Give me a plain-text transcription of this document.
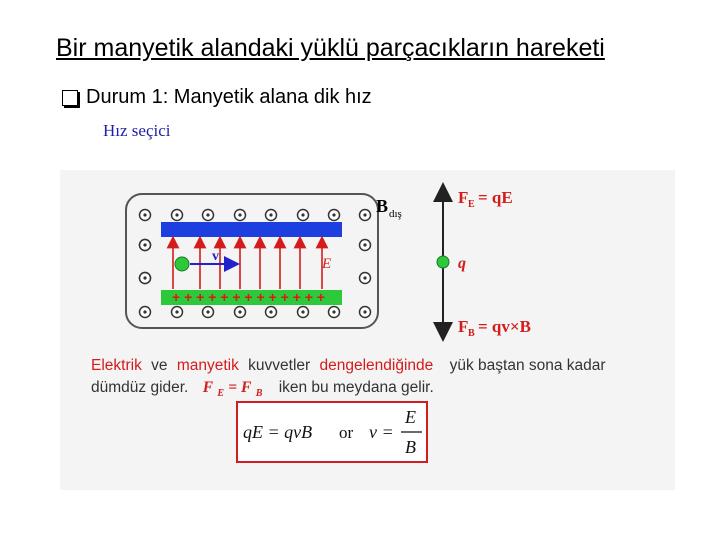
Bir manyetik alandaki yüklü parçacıkların hareketi
Durum 1: Manyetik alana dik hız
Hız seçici
+ + + + + + + + + + + + +
v	E
B dış
q
F E = qE
F B = qv×B
Elektrik ve manyetik kuvvetler dengelendiğinde yük baştan sona kadar
dümdüz gider. F $_E$ = F $_B$ iken bu meydana gelir.
qE = qvB or v =
E
B
